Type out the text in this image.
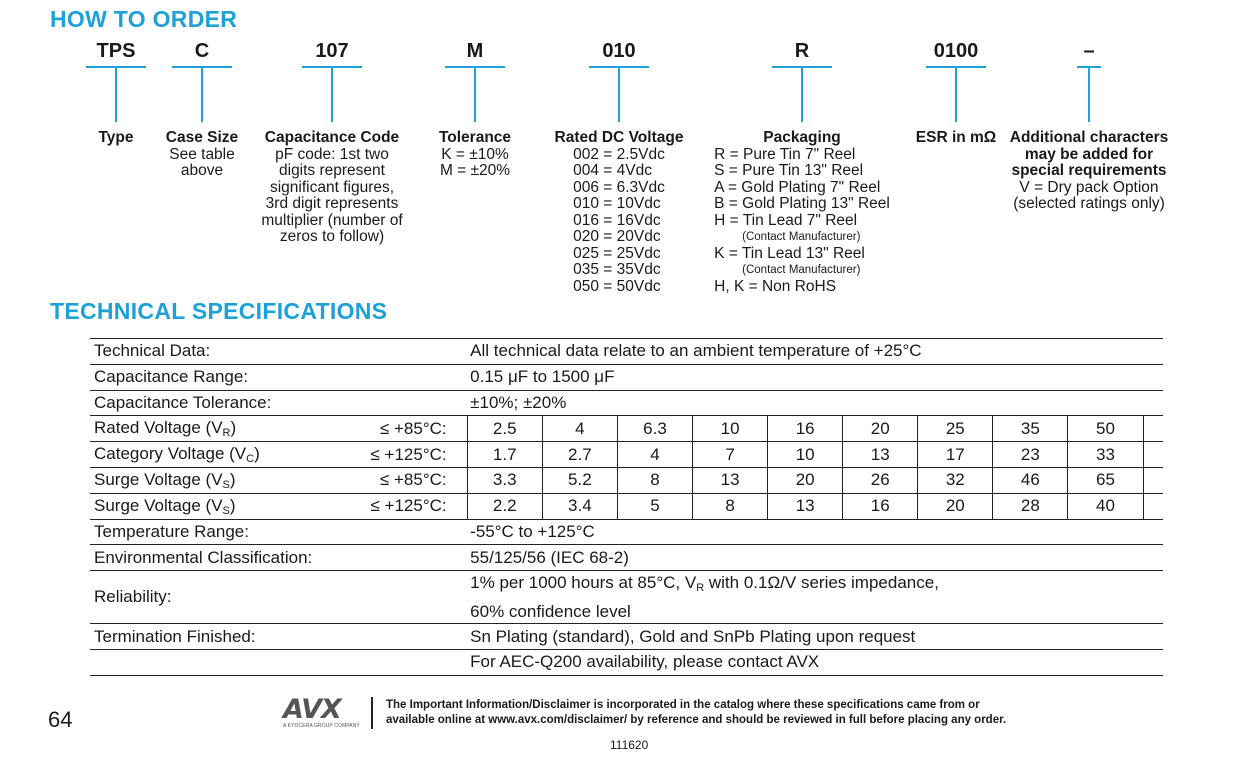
HOW TO ORDER
TPS
Type
C
Case Size
See table
above
107
Capacitance Code
pF code: 1st two
digits represent
significant figures,
3rd digit represents
multiplier (number of
zeros to follow)
M
Tolerance
K = ±10%
M = ±20%
010
Rated DC Voltage
002 = 2.5Vdc
004 = 4Vdc
006 = 6.3Vdc
010 = 10Vdc
016 = 16Vdc
020 = 20Vdc
025 = 25Vdc
035 = 35Vdc
050 = 50Vdc
R
Packaging
R = Pure Tin 7" Reel
S = Pure Tin 13" Reel
A = Gold Plating 7" Reel
B = Gold Plating 13" Reel
H = Tin Lead 7" Reel
(Contact Manufacturer)
K = Tin Lead 13" Reel
(Contact Manufacturer)
H, K = Non RoHS
0100
ESR in mΩ
–
Additional characters may be added for special requirements
V = Dry pack Option
(selected ratings only)
TECHNICAL SPECIFICATIONS
Technical Data:		All technical data relate to an ambient temperature of +25°C									
Capacitance Range:		0.15 μF to 1500 μF									
Capacitance Tolerance:		±10%; ±20%									
Rated Voltage $(V_R)$	≤ +85°C:	2.5	4	6.3	10	16	20	25	35	50	
Category Voltage $(V_C)$	≤ +125°C:	1.7	2.7	4	7	10	13	17	23	33	
Surge Voltage $(V_S)$	≤ +85°C:	3.3	5.2	8	13	20	26	32	46	65	
Surge Voltage $(V_S)$	≤ +125°C:	2.2	3.4	5	8	13	16	20	28	40	
Temperature Range:		-55°C to +125°C									
Environmental Classification:		55/125/56 (IEC 68-2)									
Reliability:		1% per 1000 hours at 85°C, $V_R$ with 0.1Ω/V series impedance,
60% confidence level									

Termination Finished:		Sn Plating (standard), Gold and SnPb Plating upon request									
		For AEC-Q200 availability, please contact AVX									
64	AVX
A KYOCERA GROUP COMPANY
The Important Information/Disclaimer is incorporated in the catalog where these specifications came from or
available online at www.avx.com/disclaimer/ by reference and should be reviewed in full before placing any order.
111620
